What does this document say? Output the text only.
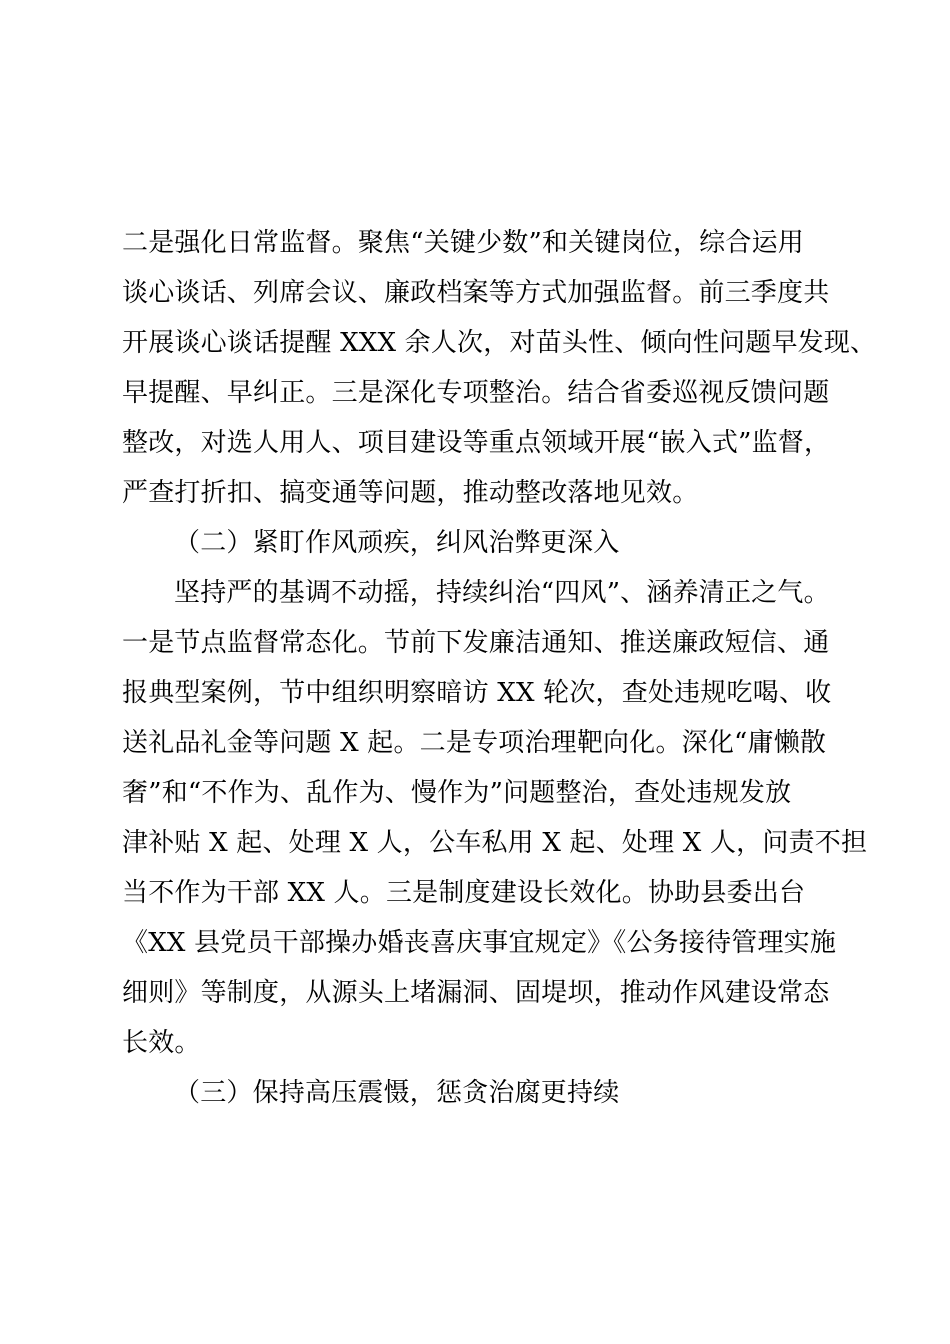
二是强化日常监督。聚焦“关键少数”和关键岗位，综合运用
谈心谈话、列席会议、廉政档案等方式加强监督。前三季度共
开展谈心谈话提醒 XXX 余人次，对苗头性、倾向性问题早发现、
早提醒、早纠正。三是深化专项整治。结合省委巡视反馈问题
整改，对选人用人、项目建设等重点领域开展“嵌入式”监督，
严查打折扣、搞变通等问题，推动整改落地见效。
（二）紧盯作风顽疾，纠风治弊更深入
坚持严的基调不动摇，持续纠治“四风”、涵养清正之气。
一是节点监督常态化。节前下发廉洁通知、推送廉政短信、通
报典型案例，节中组织明察暗访 XX 轮次，查处违规吃喝、收
送礼品礼金等问题 X 起。二是专项治理靶向化。深化“庸懒散
奢”和“不作为、乱作为、慢作为”问题整治，查处违规发放
津补贴 X 起、处理 X 人，公车私用 X 起、处理 X 人，问责不担
当不作为干部 XX 人。三是制度建设长效化。协助县委出台
《XX 县党员干部操办婚丧喜庆事宜规定》《公务接待管理实施
细则》等制度，从源头上堵漏洞、固堤坝，推动作风建设常态
长效。
（三）保持高压震慑，惩贪治腐更持续
